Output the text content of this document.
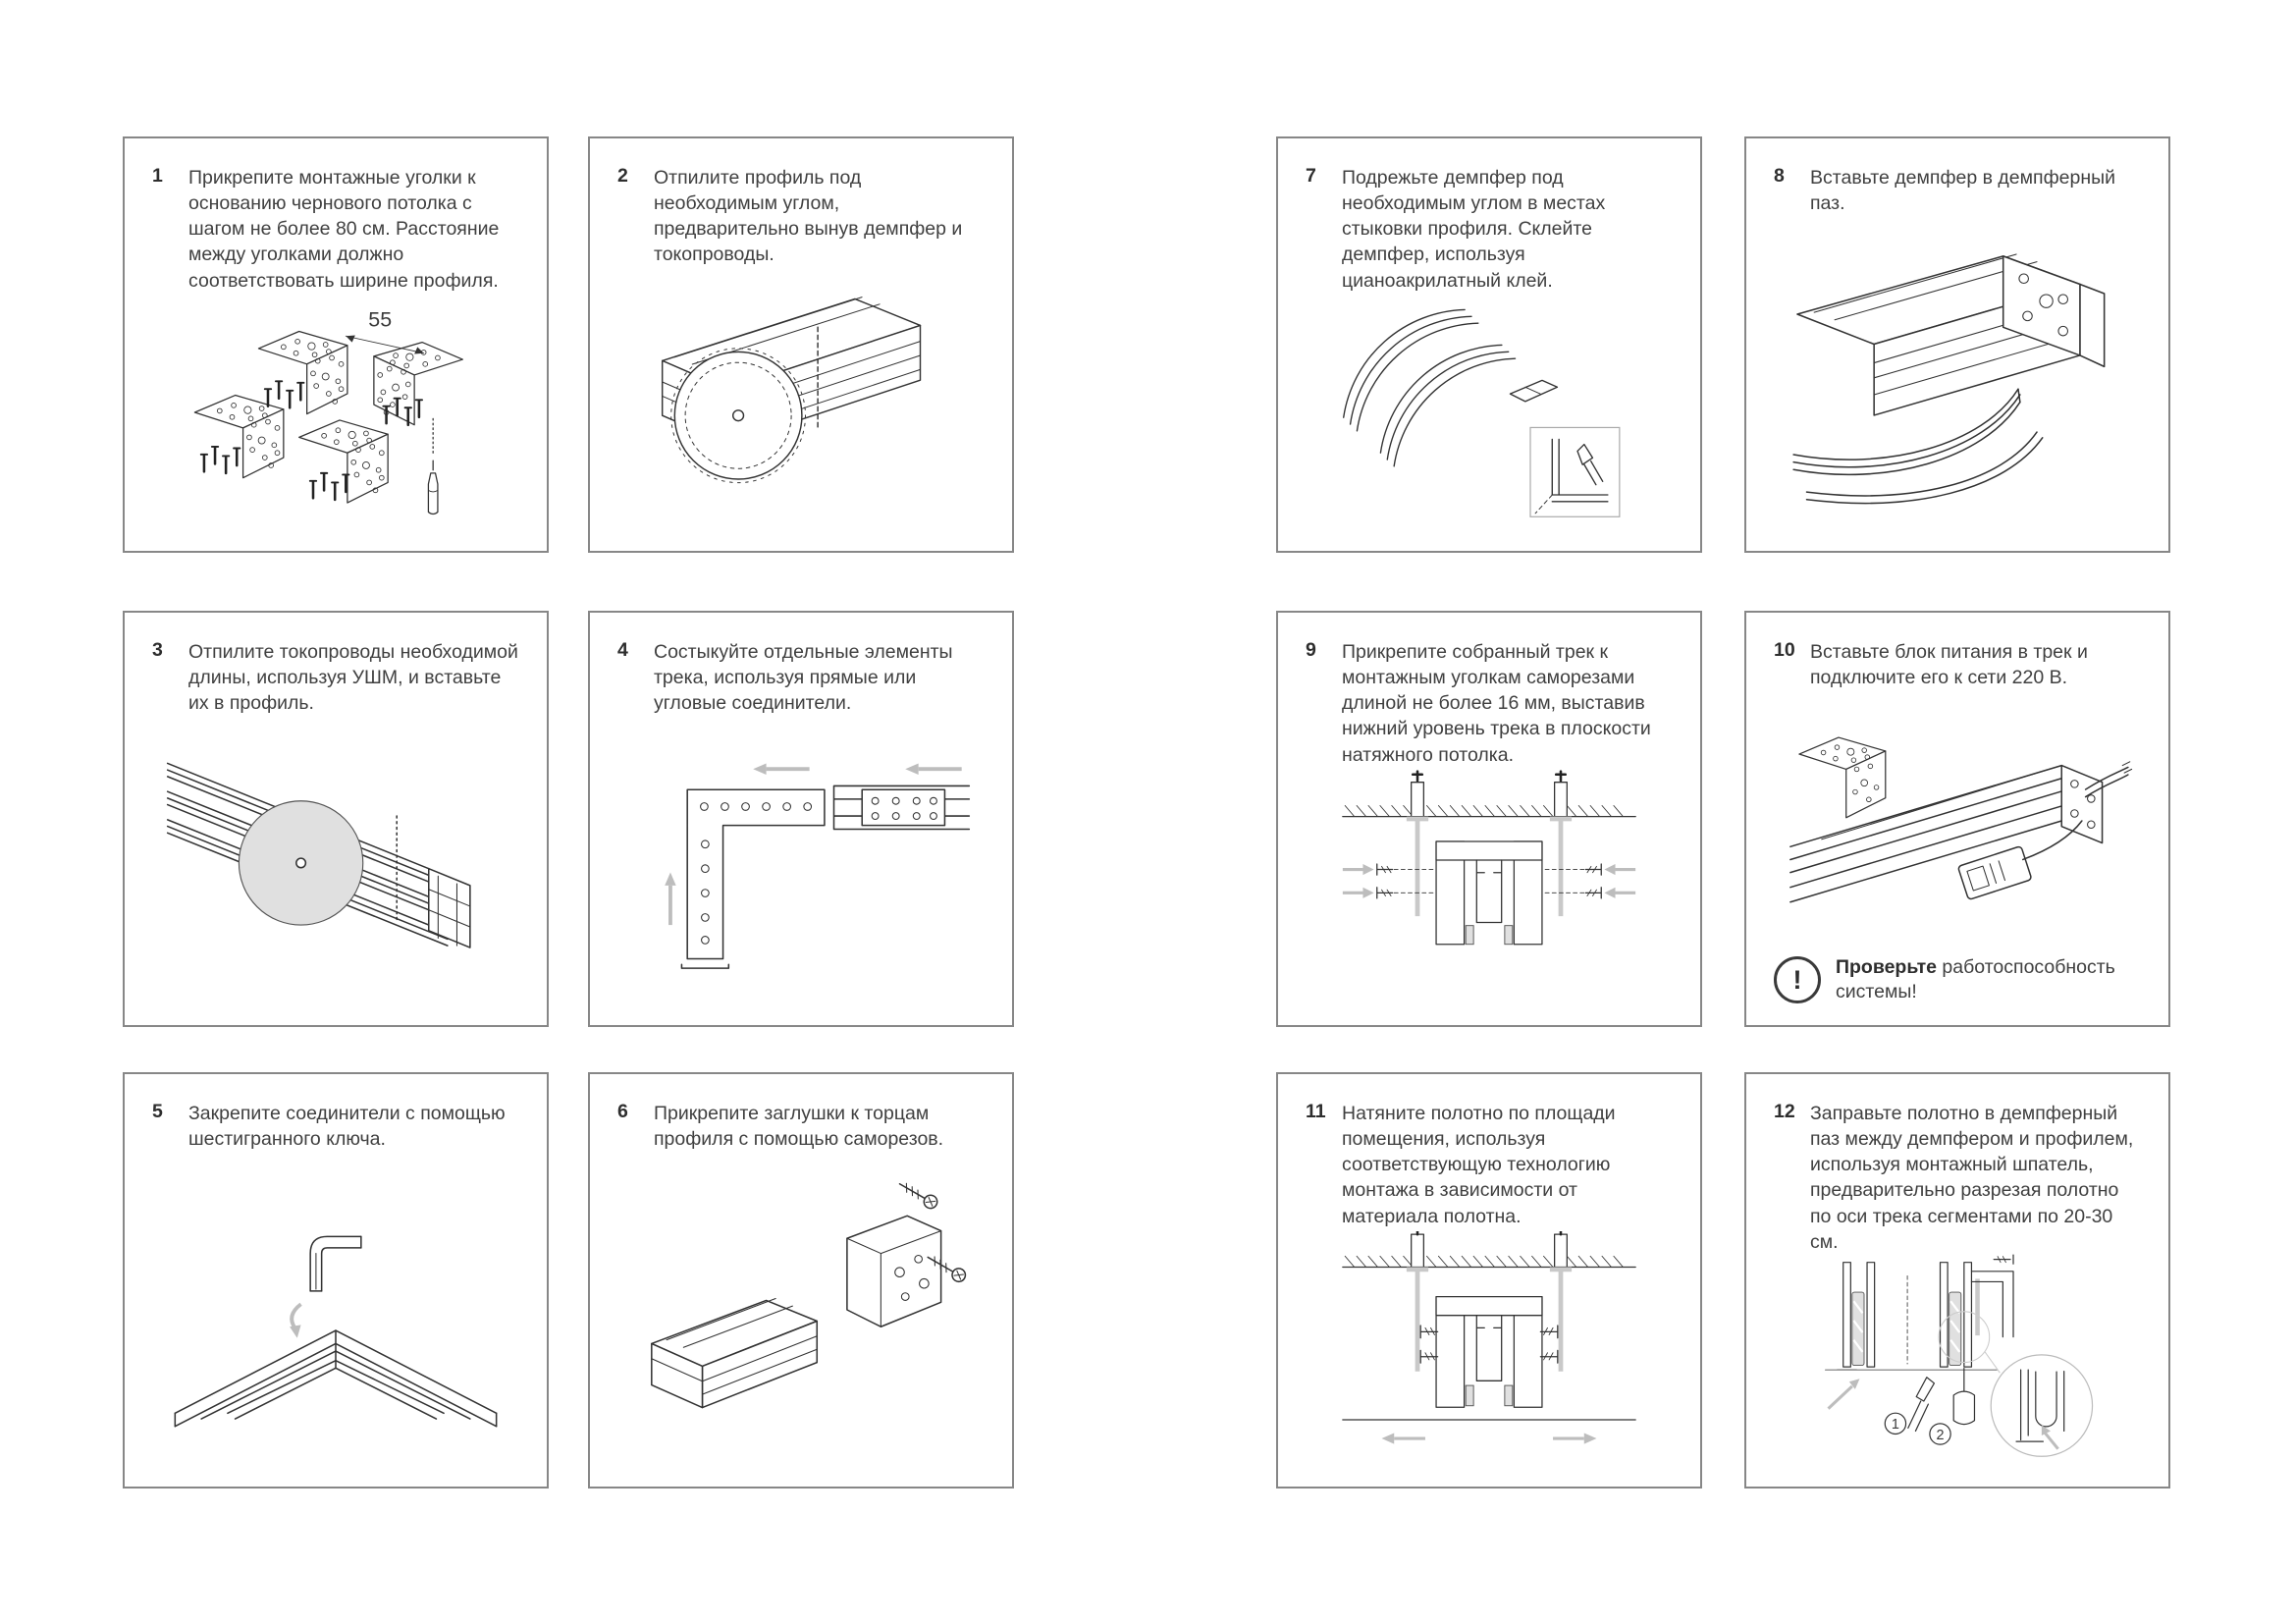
1	Прикрепите монтажные уголки к основанию чернового потолка с шагом не более 80 см. Расстояние между уголками должно соответствовать ширине профиля.
55
2	Отпилите профиль под необходимым углом, предварительно вынув демпфер и токопроводы.
3	Отпилите токопроводы необходимой длины, используя УШМ, и вставьте их в профиль.
4	Состыкуйте отдельные элементы трека, используя прямые или угловые соединители.
5	Закрепите соединители с помощью шестигранного ключа.
6	Прикрепите заглушки к торцам профиля с помощью саморезов.
7	Подрежьте демпфер под необходимым углом в местах стыковки профиля. Склейте демпфер, используя цианоакрилатный клей.
8	Вставьте демпфер в демпферный паз.
9	Прикрепите собранный трек к монтажным уголкам саморезами длиной не более 16 мм, выставив нижний уровень трека в плоскости натяжного потолка.
10 Вставьте блок питания в трек и подключите его к сети 220 В.
!	Проверьте работоспособность системы!
11 Натяните полотно по площади помещения, используя соответствующую технологию монтажа в зависимости от материала полотна.
12 Заправьте полотно в демпферный паз между демпфером и профилем, используя монтажный шпатель, предварительно разрезая полотно по оси трека сегментами по 20-30 см.
1
2
